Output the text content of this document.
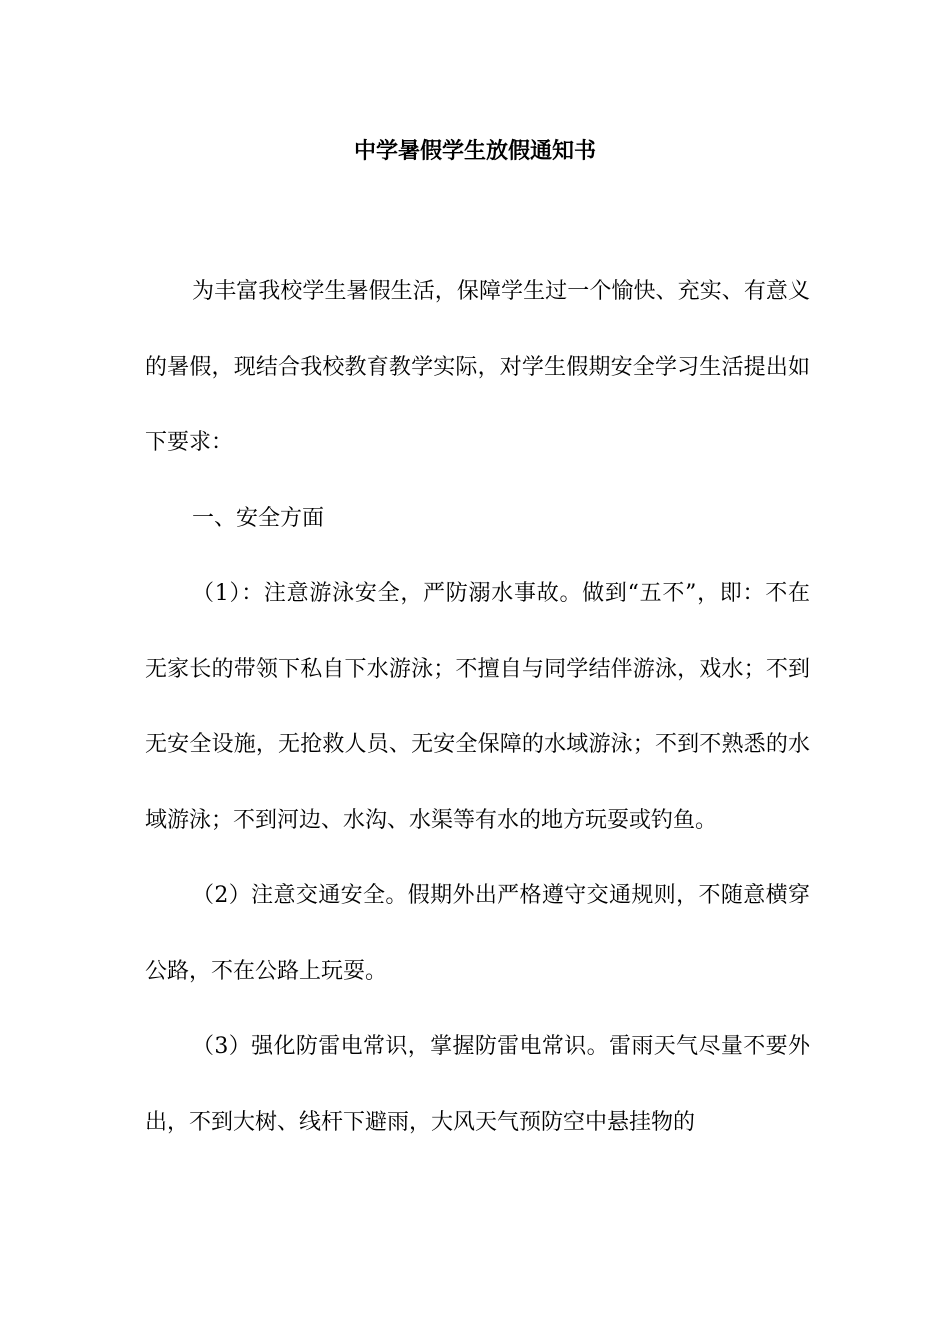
中学暑假学生放假通知书

为丰富我校学生暑假生活，保障学生过一个愉快、充实、有意义的暑假，现结合我校教育教学实际，对学生假期安全学习生活提出如下要求：

一、安全方面

（1）：注意游泳安全，严防溺水事故。做到“五不”，即：不在无家长的带领下私自下水游泳；不擅自与同学结伴游泳，戏水；不到无安全设施，无抢救人员、无安全保障的水域游泳；不到不熟悉的水域游泳；不到河边、水沟、水渠等有水的地方玩耍或钓鱼。

（2）注意交通安全。假期外出严格遵守交通规则，不随意横穿公路，不在公路上玩耍。

（3）强化防雷电常识，掌握防雷电常识。雷雨天气尽量不要外出，不到大树、线杆下避雨，大风天气预防空中悬挂物的
